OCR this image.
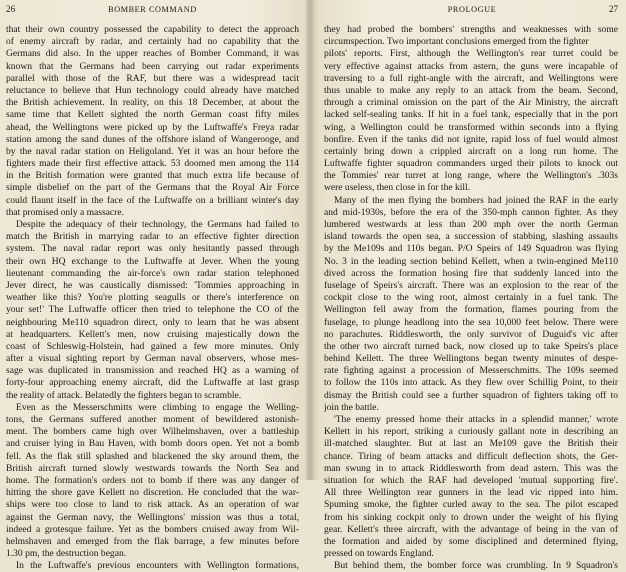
26	BOMBER COMMAND
that their own country possessed the capability to detect the approach
of enemy aircraft by radar, and certainly had no capability that the
Germans did also. In the upper reaches of Bomber Command, it was
known that the Germans had been carrying out radar experiments
parallel with those of the RAF, but there was a widespread tacit
reluctance to believe that Hun technology could already have matched
the British achievement. In reality, on this 18 December, at about the
same time that Kellett sighted the north German coast fifty miles
ahead, the Wellingtons were picked up by the Luftwaffe's Freya radar
station among the sand dunes of the offshore island of Wangerooge, and
by the naval radar station on Heligoland. Yet it was an hour before the
fighters made their first effective attack. 53 doomed men among the 114
in the British formation were granted that much extra life because of
simple disbelief on the part of the Germans that the Royal Air Force
could flaunt itself in the face of the Luftwaffe on a brilliant winter's day
that promised only a massacre.
Despite the adequacy of their technology, the Germans had failed to
match the British in marrying radar to an effective fighter direction
system. The naval radar report was only hesitantly passed through
their own HQ exchange to the Luftwaffe at Jever. When the young
lieutenant commanding the air-force's own radar station telephoned
Jever direct, he was caustically dismissed: 'Tommies approaching in
weather like this? You're plotting seagulls or there's interference on
your set!' The Luftwaffe officer then tried to telephone the CO of the
neighbouring Me110 squadron direct, only to learn that he was absent
at headquarters. Kellett's men, now cruising majestically down the
coast of Schleswig-Holstein, had gained a few more minutes. Only
after a visual sighting report by German naval observers, whose mes-
sage was duplicated in transmission and reached HQ as a warning of
forty-four approaching enemy aircraft, did the Luftwaffe at last grasp
the reality of attack. Belatedly the fighters began to scramble.
Even as the Messerschmitts were climbing to engage the Welling-
tons, the Germans suffered another moment of bewildered astonish-
ment. The bombers came high over Wilhelmshaven, over a battleship
and cruiser lying in Bau Haven, with bomb doors open. Yet not a bomb
fell. As the flak still splashed and blackened the sky around them, the
British aircraft turned slowly westwards towards the North Sea and
home. The formation's orders not to bomb if there was any danger of
hitting the shore gave Kellett no discretion. He concluded that the war-
ships were too close to land to risk attack. As an operation of war
against the German navy, the Wellingtons' mission was thus a total,
indeed a grotesque failure. Yet as the bombers cruised away from Wil-
helmshaven and emerged from the flak barrage, a few minutes before
1.30 pm, the destruction began.
In the Luftwaffe's previous encounters with Wellington formations,
PROLOGUE	27
they had probed the bombers' strengths and weaknesses with some
circumspection. Two important conclusions emerged from the fighter
pilots' reports. First, although the Wellington's rear turret could be
very effective against attacks from astern, the guns were incapable of
traversing to a full right-angle with the aircraft, and Wellingtons were
thus unable to make any reply to an attack from the beam. Second,
through a criminal omission on the part of the Air Ministry, the aircraft
lacked self-sealing tanks. If hit in a fuel tank, especially that in the port
wing, a Wellington could be transformed within seconds into a flying
bonfire. Even if the tanks did not ignite, rapid loss of fuel would almost
certainly bring down a crippled aircraft on a long run home. The
Luftwaffe fighter squadron commanders urged their pilots to knock out
the Tommies' rear turret at long range, where the Wellington's .303s
were useless, then close in for the kill.
Many of the men flying the bombers had joined the RAF in the early
and mid-1930s, before the era of the 350-mph cannon fighter. As they
lumbered westwards at less than 200 mph over the north German
island towards the open sea, a succession of stabbing, slashing assaults
by the Me109s and 110s began. P/O Speirs of 149 Squadron was flying
No. 3 in the leading section behind Kellett, when a twin-engined Me110
dived across the formation hosing fire that suddenly lanced into the
fuselage of Speirs's aircraft. There was an explosion to the rear of the
cockpit close to the wing root, almost certainly in a fuel tank. The
Wellington fell away from the formation, flames pouring from the
fuselage, to plunge headlong into the sea 10,000 feet below. There were
no parachutes. Riddlesworth, the only survivor of Duguid's vic after
the other two aircraft turned back, now closed up to take Speirs's place
behind Kellett. The three Wellingtons began twenty minutes of despe-
rate fighting against a procession of Messerschmitts. The 109s seemed
to follow the 110s into attack. As they flew over Schillig Point, to their
dismay the British could see a further squadron of fighters taking off to
join the battle.
'The enemy pressed home their attacks in a splendid manner,' wrote
Kellett in his report, striking a curiously gallant note in describing an
ill-matched slaughter. But at last an Me109 gave the British their
chance. Tiring of beam attacks and difficult deflection shots, the Ger-
man swung in to attack Riddlesworth from dead astern. This was the
situation for which the RAF had developed 'mutual supporting fire'.
All three Wellington rear gunners in the lead vic ripped into him.
Spuming smoke, the fighter curled away to the sea. The pilot escaped
from his sinking cockpit only to drown under the weight of his flying
gear. Kellett's three aircraft, with the advantage of being in the van of
the formation and aided by some disciplined and determined flying,
pressed on towards England.
But behind them, the bomber force was crumbling. In 9 Squadron's
